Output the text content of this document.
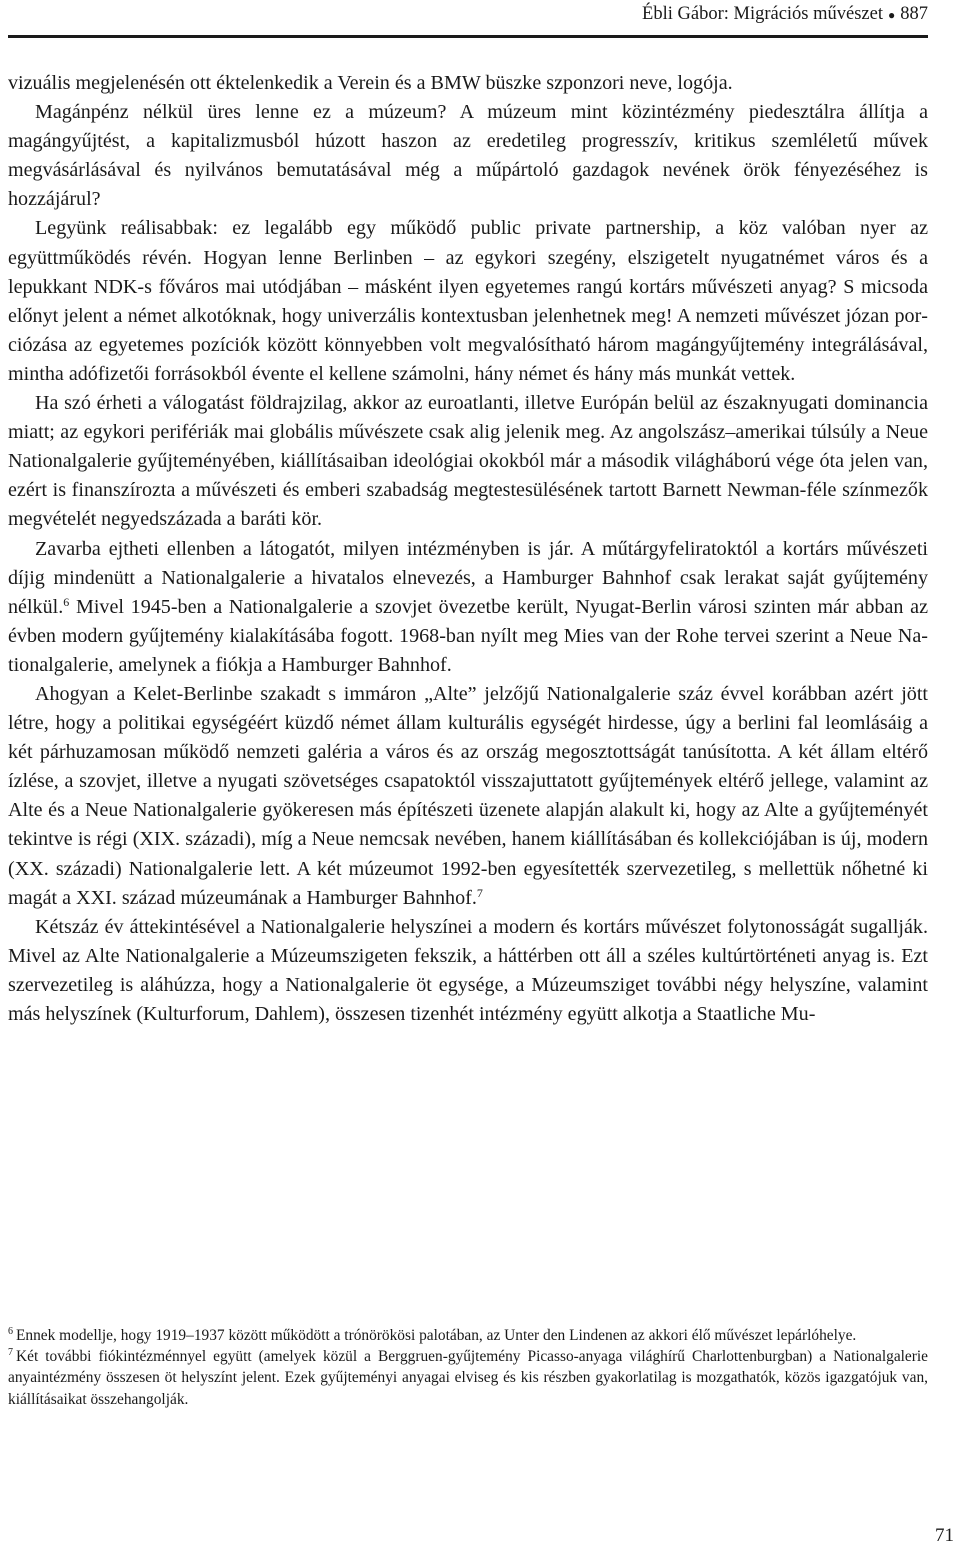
Ébli Gábor: Migrációs művészet ● 887

vizuális megjelenésén ott éktelenkedik a Verein és a BMW büszke szponzori neve, logója.

Magánpénz nélkül üres lenne ez a múzeum? A múzeum mint közintézmény piedesztálra állítja a magángyűjtést, a kapitalizmusból húzott haszon az eredetileg progresszív, kritikus szemléletű művek megvásárlásával és nyilvános bemutatásával még a műpártoló gazdagok nevének örök fényezéséhez is hozzájárul?

Legyünk reálisabbak: ez legalább egy működő public private partnership, a köz valóban nyer az együttműködés révén. Hogyan lenne Berlinben – az egykori szegény, elszigetelt nyugatnémet város és a lepukkant NDK-s főváros mai utódjában – másként ilyen egyetemes rangú kortárs művészeti anyag? S micsoda előnyt jelent a német alkotóknak, hogy univerzális kontextusban jelenhetnek meg! A nemzeti művészet józan porciózása az egyetemes pozíciók között könnyebben volt megvalósítható három magángyűjtemény integrálásával, mintha adófizetői forrásokból évente el kellene számolni, hány német és hány más munkát vettek.

Ha szó érheti a válogatást földrajzilag, akkor az euroatlanti, illetve Európán belül az északnyugati dominancia miatt; az egykori perifériák mai globális művészete csak alig jelenik meg. Az angolszász–amerikai túlsúly a Neue Nationalgalerie gyűjteményében, kiállításaiban ideológiai okokból már a második világháború vége óta jelen van, ezért is finanszírozta a művészeti és emberi szabadság megtestesülésének tartott Barnett Newman-féle színmezők megvételét negyedszázada a baráti kör.

Zavarba ejtheti ellenben a látogatót, milyen intézményben is jár. A műtárgyfeliratoktól a kortárs művészeti díjig mindenütt a Nationalgalerie a hivatalos elnevezés, a Hamburger Bahnhof csak lerakat saját gyűjtemény nélkül.$^6$ Mivel 1945-ben a Nationalgalerie a szovjet övezetbe került, Nyugat-Berlin városi szinten már abban az évben modern gyűjtemény kialakításába fogott. 1968-ban nyílt meg Mies van der Rohe tervei szerint a Neue Nationalgalerie, amelynek a fiókja a Hamburger Bahnhof.

Ahogyan a Kelet-Berlinbe szakadt s immáron „Alte” jelzőjű Nationalgalerie száz évvel korábban azért jött létre, hogy a politikai egységéért küzdő német állam kulturális egységét hirdesse, úgy a berlini fal leomlásáig a két párhuzamosan működő nemzeti galéria a város és az ország megosztottságát tanúsította. A két állam eltérő ízlése, a szovjet, illetve a nyugati szövetséges csapatoktól visszajuttatott gyűjtemények eltérő jellege, valamint az Alte és a Neue Nationalgalerie gyökeresen más építészeti üzenete alapján alakult ki, hogy az Alte a gyűjteményét tekintve is régi (XIX. századi), míg a Neue nemcsak nevében, hanem kiállításában és kollekciójában is új, modern (XX. századi) Nationalgalerie lett. A két múzeumot 1992-ben egyesítették szervezetileg, s mellettük nőhetné ki magát a XXI. század múzeumának a Hamburger Bahnhof.$^7$

Kétszáz év áttekintésével a Nationalgalerie helyszínei a modern és kortárs művészet folytonosságát sugallják. Mivel az Alte Nationalgalerie a Múzeumszigeten fekszik, a háttérben ott áll a széles kultúrtörténeti anyag is. Ezt szervezetileg is aláhúzza, hogy a Nationalgalerie öt egysége, a Múzeumsziget további négy helyszíne, valamint más helyszínek (Kulturforum, Dahlem), összesen tizenhét intézmény együtt alkotja a Staatliche Mu-

$^6$ Ennek modellje, hogy 1919–1937 között működött a trónörökösi palotában, az Unter den Lindenen az akkori élő művészet lepárlóhelye.

$^7$ Két további fiókintézménnyel együtt (amelyek közül a Berggruen-gyűjtemény Picasso-anyaga világhírű Charlottenburgban) a Nationalgalerie anyaintézmény összesen öt helyszínt jelent. Ezek gyűjteményi anyagai elviseg és kis részben gyakorlatilag is mozgathatók, közös igazgatójuk van, kiállításaikat összehangolják.

71
